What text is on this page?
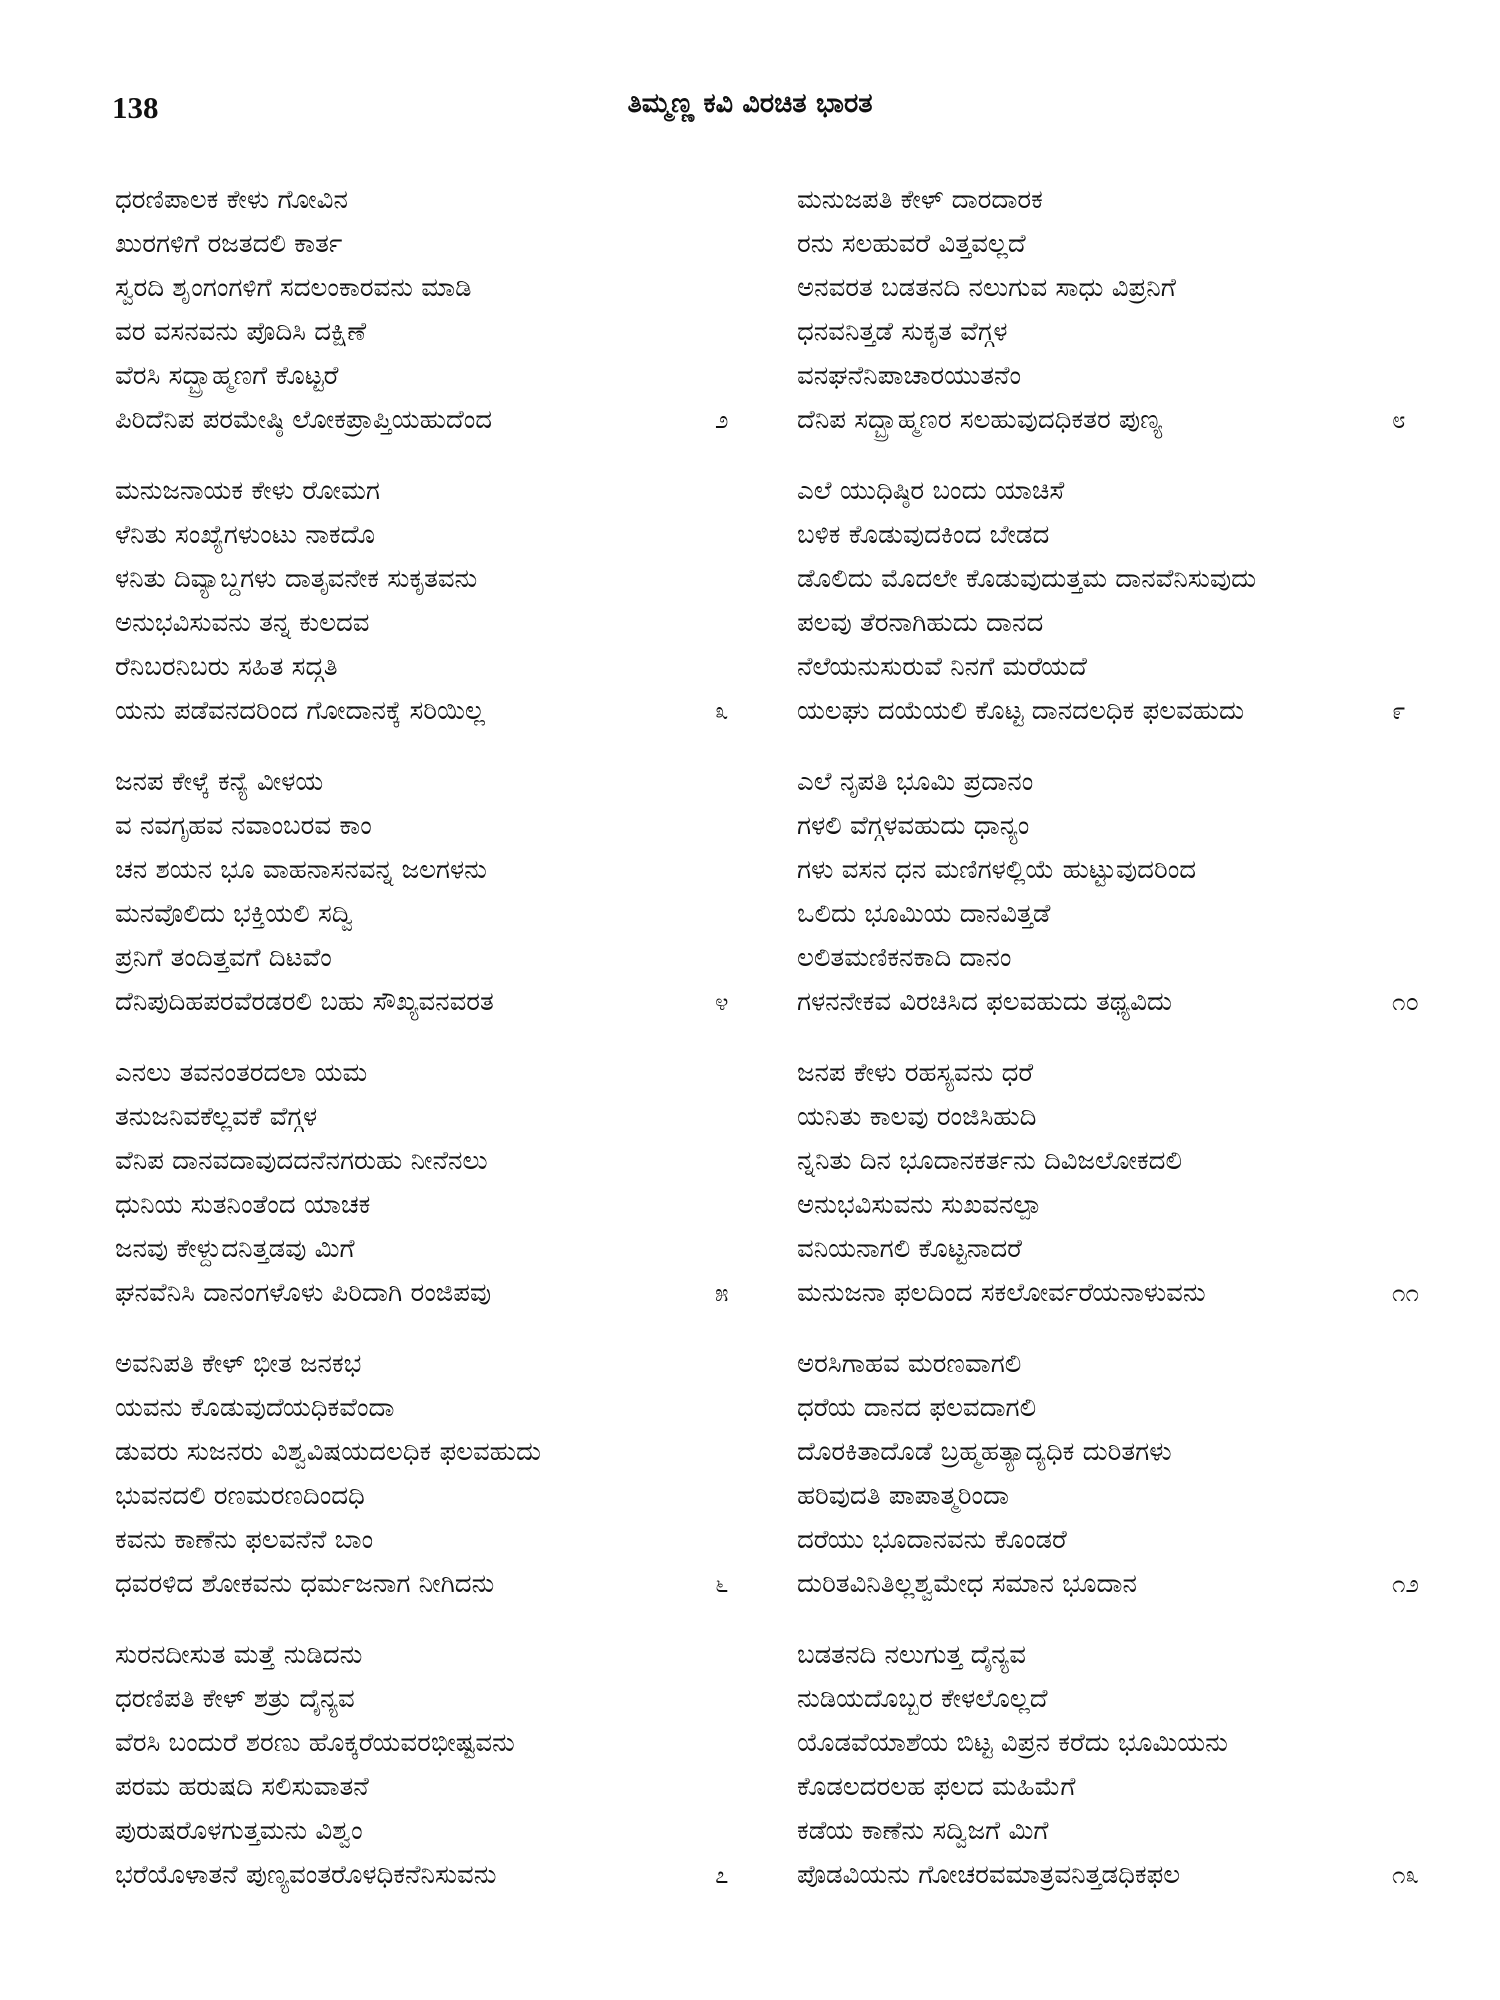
138	ತಿಮ್ಮಣ್ಣ ಕವಿ ವಿರಚಿತ ಭಾರತ
ಧರಣಿಪಾಲಕ ಕೇಳು ಗೋವಿನ
ಖುರಗಳಿಗೆ ರಜತದಲಿ ಕಾರ್ತ
ಸ್ವರದಿ ಶೃಂಗಂಗಳಿಗೆ ಸದಲಂಕಾರವನು ಮಾಡಿ
ವರ ವಸನವನು ಪೊದಿಸಿ ದಕ್ಷಿಣೆ
ವೆರಸಿ ಸದ್ಬ್ರಾಹ್ಮಣಗೆ ಕೊಟ್ಟರೆ
ಪಿರಿದೆನಿಪ ಪರಮೇಷ್ಠಿ ಲೋಕಪ್ರಾಪ್ತಿಯಹುದೆಂದ	೨
ಮನುಜನಾಯಕ ಕೇಳು ರೋಮಗ
ಳೆನಿತು ಸಂಖ್ಯೆಗಳುಂಟು ನಾಕದೊ
ಳನಿತು ದಿವ್ಯಾಬ್ದಗಳು ದಾತೃವನೇಕ ಸುಕೃತವನು
ಅನುಭವಿಸುವನು ತನ್ನ ಕುಲದವ
ರೆನಿಬರನಿಬರು ಸಹಿತ ಸದ್ಗತಿ
ಯನು ಪಡೆವನದರಿಂದ ಗೋದಾನಕ್ಕೆ ಸರಿಯಿಲ್ಲ	೩
ಜನಪ ಕೇಳ್ಕೆ ಕನ್ಯೆ ವೀಳಯ
ವ ನವಗೃಹವ ನವಾಂಬರವ ಕಾಂ
ಚನ ಶಯನ ಭೂ ವಾಹನಾಸನವನ್ನ ಜಲಗಳನು
ಮನವೊಲಿದು ಭಕ್ತಿಯಲಿ ಸದ್ವಿ
ಪ್ರನಿಗೆ ತಂದಿತ್ತವಗೆ ದಿಟವೆಂ
ದೆನಿಪುದಿಹಪರವೆರಡರಲಿ ಬಹು ಸೌಖ್ಯವನವರತ	೪
ಎನಲು ತವನಂತರದಲಾ ಯಮ
ತನುಜನಿವಕೆಲ್ಲವಕೆ ವೆಗ್ಗಳ
ವೆನಿಪ ದಾನವದಾವುದದನೆನಗರುಹು ನೀನೆನಲು
ಧುನಿಯ ಸುತನಿಂತೆಂದ ಯಾಚಕ
ಜನವು ಕೇಳ್ದುದನಿತ್ತಡವು ಮಿಗೆ
ಘನವೆನಿಸಿ ದಾನಂಗಳೊಳು ಪಿರಿದಾಗಿ ರಂಜಿಪವು	೫
ಅವನಿಪತಿ ಕೇಳ್ ಭೀತ ಜನಕಭ
ಯವನು ಕೊಡುವುದೆಯಧಿಕವೆಂದಾ
ಡುವರು ಸುಜನರು ವಿಶ್ವವಿಷಯದಲಧಿಕ ಫಲವಹುದು
ಭುವನದಲಿ ರಣಮರಣದಿಂದಧಿ
ಕವನು ಕಾಣೆನು ಫಲವನೆನೆ ಬಾಂ
ಧವರಳಿದ ಶೋಕವನು ಧರ್ಮಜನಾಗ ನೀಗಿದನು	೬
ಸುರನದೀಸುತ ಮತ್ತೆ ನುಡಿದನು
ಧರಣಿಪತಿ ಕೇಳ್ ಶತ್ರು ದೈನ್ಯವ
ವೆರಸಿ ಬಂದುರೆ ಶರಣು ಹೊಕ್ಕರೆಯವರಭೀಷ್ಟವನು
ಪರಮ ಹರುಷದಿ ಸಲಿಸುವಾತನೆ
ಪುರುಷರೊಳಗುತ್ತಮನು ವಿಶ್ವಂ
ಭರೆಯೊಳಾತನೆ ಪುಣ್ಯವಂತರೊಳಧಿಕನೆನಿಸುವನು	೭
ಮನುಜಪತಿ ಕೇಳ್ ದಾರದಾರಕ
ರನು ಸಲಹುವರೆ ವಿತ್ತವಲ್ಲದೆ
ಅನವರತ ಬಡತನದಿ ನಲುಗುವ ಸಾಧು ವಿಪ್ರನಿಗೆ
ಧನವನಿತ್ತಡೆ ಸುಕೃತ ವೆಗ್ಗಳ
ವನಘನೆನಿಪಾಚಾರಯುತನೆಂ
ದೆನಿಪ ಸದ್ಬ್ರಾಹ್ಮಣರ ಸಲಹುವುದಧಿಕತರ ಪುಣ್ಯ	೮
ಎಲೆ ಯುಧಿಷ್ಠಿರ ಬಂದು ಯಾಚಿಸೆ
ಬಳಿಕ ಕೊಡುವುದಕಿಂದ ಬೇಡದ
ಡೊಲಿದು ಮೊದಲೇ ಕೊಡುವುದುತ್ತಮ ದಾನವೆನಿಸುವುದು
ಪಲವು ತೆರನಾಗಿಹುದು ದಾನದ
ನೆಲೆಯನುಸುರುವೆ ನಿನಗೆ ಮರೆಯದೆ
ಯಲಘು ದಯೆಯಲಿ ಕೊಟ್ಟ ದಾನದಲಧಿಕ ಫಲವಹುದು	೯
ಎಲೆ ನೃಪತಿ ಭೂಮಿ ಪ್ರದಾನಂ
ಗಳಲಿ ವೆಗ್ಗಳವಹುದು ಧಾನ್ಯಂ
ಗಳು ವಸನ ಧನ ಮಣಿಗಳಲ್ಲಿಯೆ ಹುಟ್ಟುವುದರಿಂದ
ಒಲಿದು ಭೂಮಿಯ ದಾನವಿತ್ತಡೆ
ಲಲಿತಮಣಿಕನಕಾದಿ ದಾನಂ
ಗಳನನೇಕವ ವಿರಚಿಸಿದ ಫಲವಹುದು ತಥ್ಯವಿದು	೧೦
ಜನಪ ಕೇಳು ರಹಸ್ಯವನು ಧರೆ
ಯನಿತು ಕಾಲವು ರಂಜಿಸಿಹುದಿ
ನ್ನನಿತು ದಿನ ಭೂದಾನಕರ್ತನು ದಿವಿಜಲೋಕದಲಿ
ಅನುಭವಿಸುವನು ಸುಖವನಲ್ಪಾ
ವನಿಯನಾಗಲಿ ಕೊಟ್ಟನಾದರೆ
ಮನುಜನಾ ಫಲದಿಂದ ಸಕಲೋರ್ವರೆಯನಾಳುವನು	೧೧
ಅರಸಿಗಾಹವ ಮರಣವಾಗಲಿ
ಧರೆಯ ದಾನದ ಫಲವದಾಗಲಿ
ದೊರಕಿತಾದೊಡೆ ಬ್ರಹ್ಮಹತ್ಯಾದ್ಯಧಿಕ ದುರಿತಗಳು
ಹರಿವುದತಿ ಪಾಪಾತ್ಮರಿಂದಾ
ದರೆಯು ಭೂದಾನವನು ಕೊಂಡರೆ
ದುರಿತವಿನಿತಿಲ್ಲಶ್ವಮೇಧ ಸಮಾನ ಭೂದಾನ	೧೨
ಬಡತನದಿ ನಲುಗುತ್ತ ದೈನ್ಯವ
ನುಡಿಯದೊಬ್ಬರ ಕೇಳಲೊಲ್ಲದೆ
ಯೊಡವೆಯಾಶೆಯ ಬಿಟ್ಟ ವಿಪ್ರನ ಕರೆದು ಭೂಮಿಯನು
ಕೊಡಲದರಲಹ ಫಲದ ಮಹಿಮೆಗೆ
ಕಡೆಯ ಕಾಣೆನು ಸದ್ವಿಜಗೆ ಮಿಗೆ
ಪೊಡವಿಯನು ಗೋಚರವಮಾತ್ರವನಿತ್ತಡಧಿಕಫಲ	೧೩
